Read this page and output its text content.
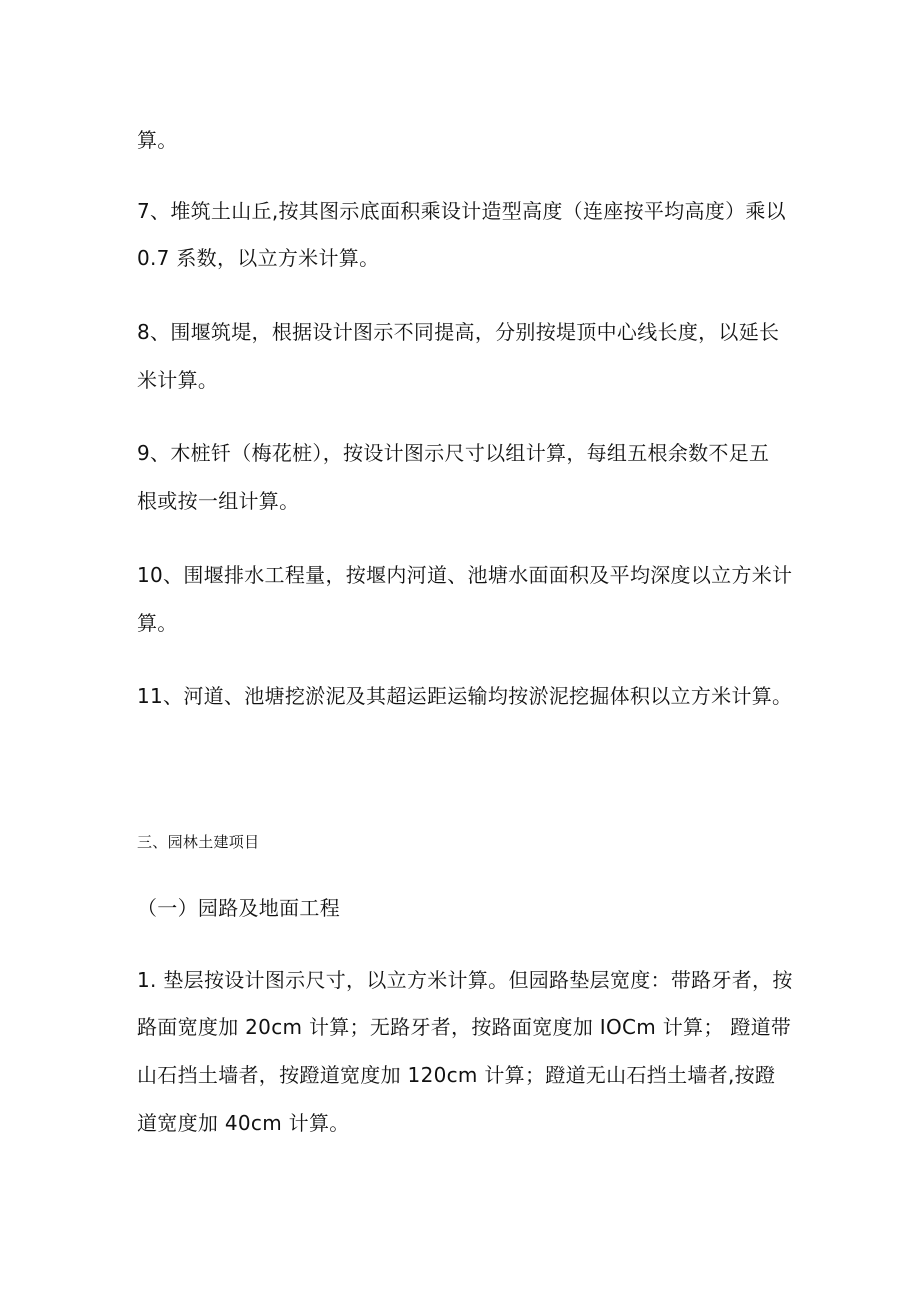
算。

7、堆筑土山丘,按其图示底面积乘设计造型高度（连座按平均高度）乘以

0.7 系数，以立方米计算。

8、围堰筑堤，根据设计图示不同提高，分别按堤顶中心线长度，以延长

米计算。

9、木桩钎（梅花桩），按设计图示尺寸以组计算，每组五根余数不足五

根或按一组计算。

10、围堰排水工程量，按堰内河道、池塘水面面积及平均深度以立方米计

算。

11、河道、池塘挖淤泥及其超运距运输均按淤泥挖掘体积以立方米计算。

三、园林土建项目

（一）园路及地面工程

1. 垫层按设计图示尺寸，以立方米计算。但园路垫层宽度：带路牙者，按

路面宽度加 20cm 计算；无路牙者，按路面宽度加 IOCm 计算； 蹬道带

山石挡土墙者，按蹬道宽度加 120cm 计算；蹬道无山石挡土墙者,按蹬

道宽度加 40cm 计算。
